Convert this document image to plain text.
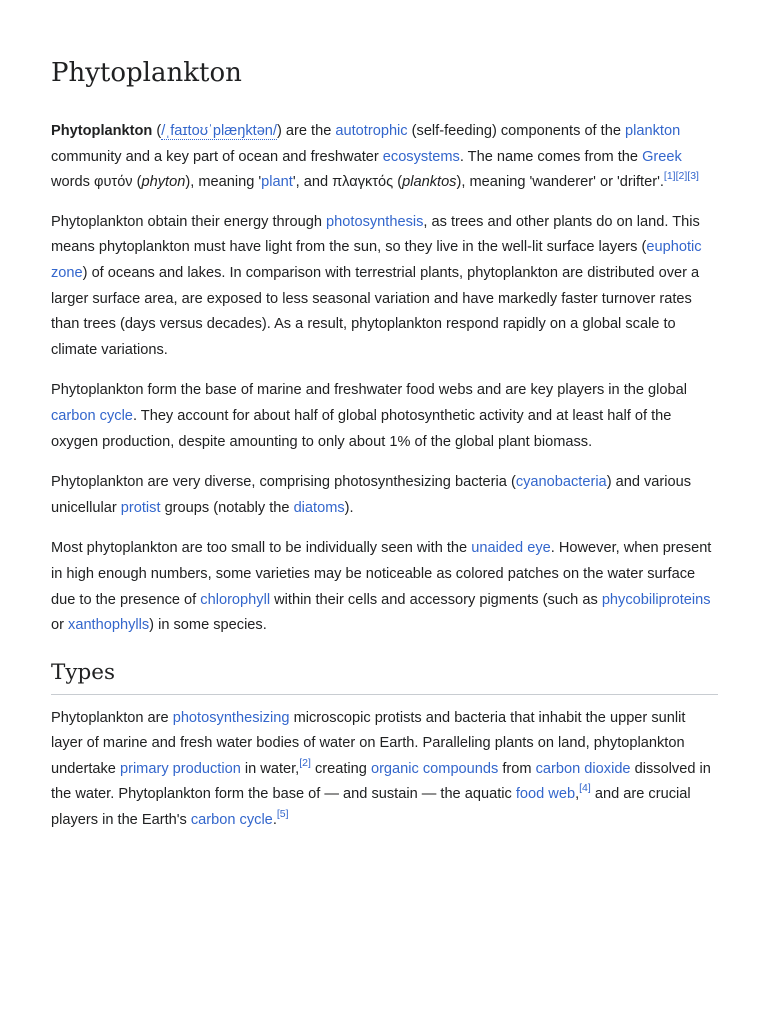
Phytoplankton

Phytoplankton (/ˌfaɪtoʊˈplæŋktən/) are the autotrophic (self-feeding) components of the plankton community and a key part of ocean and freshwater ecosystems. The name comes from the Greek words φυτόν (phyton), meaning 'plant', and πλαγκτός (planktos), meaning 'wanderer' or 'drifter'.[1][2][3]

Phytoplankton obtain their energy through photosynthesis, as trees and other plants do on land. This means phytoplankton must have light from the sun, so they live in the well-lit surface layers (euphotic zone) of oceans and lakes. In comparison with terrestrial plants, phytoplankton are distributed over a larger surface area, are exposed to less seasonal variation and have markedly faster turnover rates than trees (days versus decades). As a result, phytoplankton respond rapidly on a global scale to climate variations.

Phytoplankton form the base of marine and freshwater food webs and are key players in the global carbon cycle. They account for about half of global photosynthetic activity and at least half of the oxygen production, despite amounting to only about 1% of the global plant biomass.

Phytoplankton are very diverse, comprising photosynthesizing bacteria (cyanobacteria) and various unicellular protist groups (notably the diatoms).

Most phytoplankton are too small to be individually seen with the unaided eye. However, when present in high enough numbers, some varieties may be noticeable as colored patches on the water surface due to the presence of chlorophyll within their cells and accessory pigments (such as phycobiliproteins or xanthophylls) in some species.

Types

Phytoplankton are photosynthesizing microscopic protists and bacteria that inhabit the upper sunlit layer of marine and fresh water bodies of water on Earth. Paralleling plants on land, phytoplankton undertake primary production in water,[2] creating organic compounds from carbon dioxide dissolved in the water. Phytoplankton form the base of — and sustain — the aquatic food web,[4] and are crucial players in the Earth's carbon cycle.[5]
